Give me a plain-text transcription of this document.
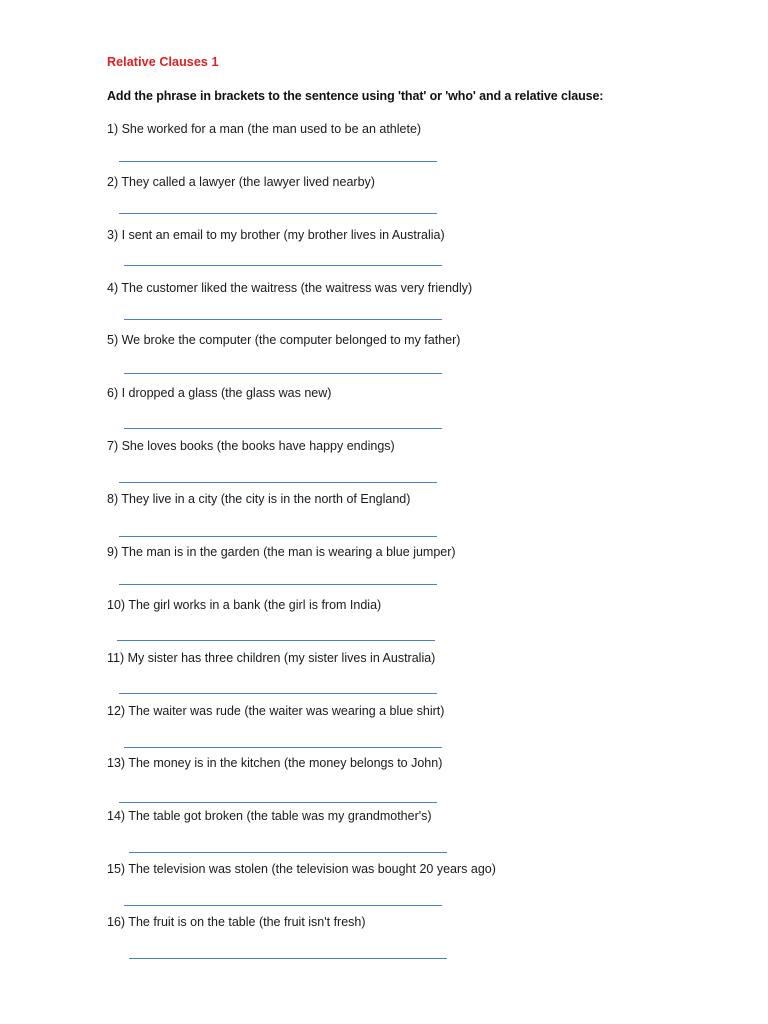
Relative Clauses 1
Add the phrase in brackets to the sentence using 'that' or 'who' and a relative clause:
1) She worked for a man (the man used to be an athlete)
2) They called a lawyer (the lawyer lived nearby)
3) I sent an email to my brother (my brother lives in Australia)
4) The customer liked the waitress (the waitress was very friendly)
5) We broke the computer (the computer belonged to my father)
6) I dropped a glass (the glass was new)
7) She loves books (the books have happy endings)
8) They live in a city (the city is in the north of England)
9) The man is in the garden (the man is wearing a blue jumper)
10) The girl works in a bank (the girl is from India)
11) My sister has three children (my sister lives in Australia)
12) The waiter was rude (the waiter was wearing a blue shirt)
13) The money is in the kitchen (the money belongs to John)
14) The table got broken (the table was my grandmother's)
15) The television was stolen (the television was bought 20 years ago)
16) The fruit is on the table (the fruit isn't fresh)
